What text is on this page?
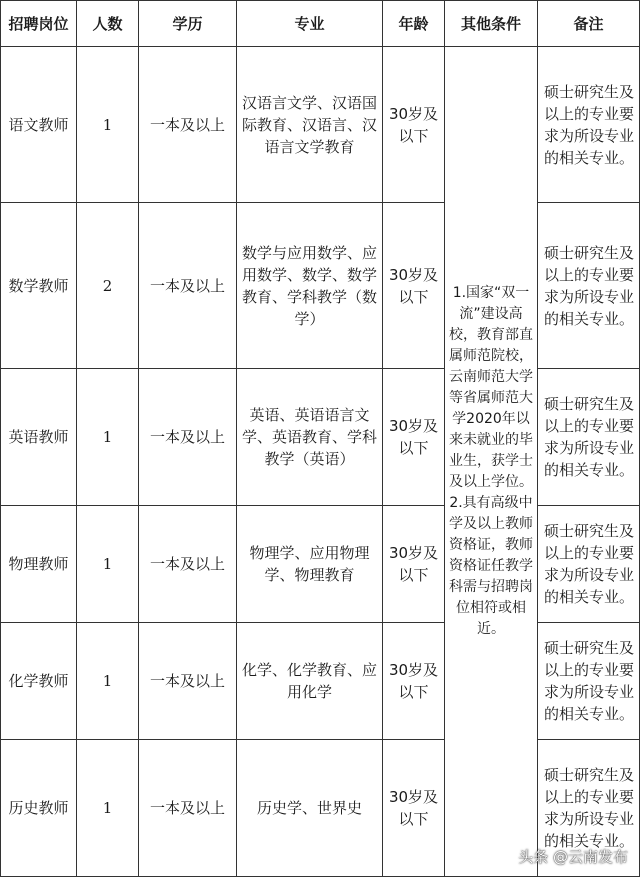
招聘岗位	人数	学历	专业	年龄	其他条件	备注
语文教师	1	一本及以上	汉语言文学、汉语国际教育、汉语言、汉语言文学教育	30岁及以下	1.国家“双一流”建设高校，教育部直属师范院校，云南师范大学等省属师范大学2020年以来未就业的毕业生，获学士及以上学位。2.具有高级中学及以上教师资格证，教师资格证任教学科需与招聘岗位相符或相近。	硕士研究生及以上的专业要求为所设专业的相关专业。
数学教师	2	一本及以上	数学与应用数学、应用数学、数学、数学教育、学科教学（数学）	30岁及以下		硕士研究生及以上的专业要求为所设专业的相关专业。
英语教师	1	一本及以上	英语、英语语言文学、英语教育、学科教学（英语）	30岁及以下		硕士研究生及以上的专业要求为所设专业的相关专业。
物理教师	1	一本及以上	物理学、应用物理学、物理教育	30岁及以下		硕士研究生及以上的专业要求为所设专业的相关专业。
化学教师	1	一本及以上	化学、化学教育、应用化学	30岁及以下		硕士研究生及以上的专业要求为所设专业的相关专业。
历史教师	1	一本及以上	历史学、世界史	30岁及以下		硕士研究生及以上的专业要求为所设专业的相关专业。
头条 @云南发布
